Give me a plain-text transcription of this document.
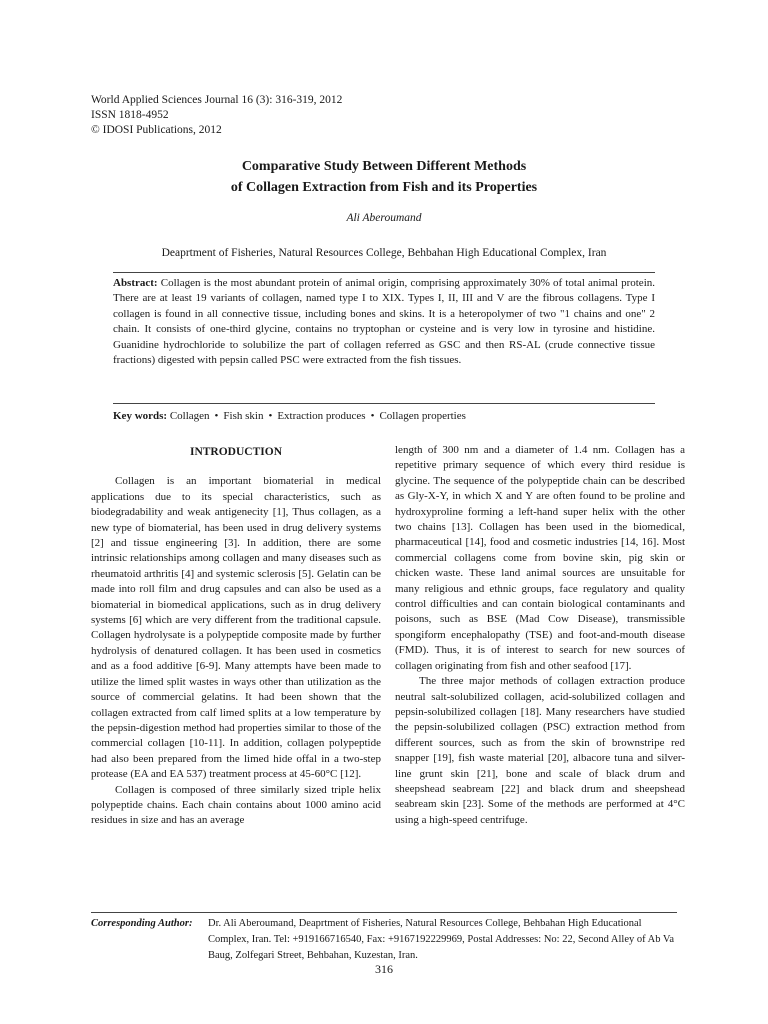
World Applied Sciences Journal 16 (3): 316-319, 2012
ISSN 1818-4952
© IDOSI Publications, 2012
Comparative Study Between Different Methods
of Collagen Extraction from Fish and its Properties
Ali Aberoumand
Deaprtment of Fisheries, Natural Resources College, Behbahan High Educational Complex, Iran
Abstract: Collagen is the most abundant protein of animal origin, comprising approximately 30% of total animal protein. There are at least 19 variants of collagen, named type I to XIX. Types I, II, III and V are the fibrous collagens. Type I collagen is found in all connective tissue, including bones and skins. It is a heteropolymer of two "1 chains and one" 2 chain. It consists of one-third glycine, contains no tryptophan or cysteine and is very low in tyrosine and histidine. Guanidine hydrochloride to solubilize the part of collagen referred as GSC and then RS-AL (crude connective tissue fractions) digested with pepsin called PSC were extracted from the fish tissues.
Key words: Collagen • Fish skin • Extraction produces • Collagen properties
INTRODUCTION

Collagen is an important biomaterial in medical applications due to its special characteristics, such as biodegradability and weak antigenecity [1], Thus collagen, as a new type of biomaterial, has been used in drug delivery systems [2] and tissue engineering [3]. In addition, there are some intrinsic relationships among collagen and many diseases such as rheumatoid arthritis [4] and systemic sclerosis [5]. Gelatin can be made into roll film and drug capsules and can also be used as a biomaterial in biomedical applications, such as in drug delivery systems [6] which are very different from the traditional capsule. Collagen hydrolysate is a polypeptide composite made by further hydrolysis of denatured collagen. It has been used in cosmetics and as a food additive [6-9]. Many attempts have been made to utilize the limed split wastes in ways other than utilization as the source of commercial gelatins. It had been shown that the collagen extracted from calf limed splits at a low temperature by the pepsin-digestion method had properties similar to those of the commercial collagen [10-11]. In addition, collagen polypeptide had also been prepared from the limed hide offal in a two-step protease (EA and EA 537) treatment process at 45-60°C [12].

Collagen is composed of three similarly sized triple helix polypeptide chains. Each chain contains about 1000 amino acid residues in size and has an average

length of 300 nm and a diameter of 1.4 nm. Collagen has a repetitive primary sequence of which every third residue is glycine. The sequence of the polypeptide chain can be described as Gly-X-Y, in which X and Y are often found to be proline and hydroxyproline forming a left-hand super helix with the other two chains [13]. Collagen has been used in the biomedical, pharmaceutical [14], food and cosmetic industries [14, 16]. Most commercial collagens come from bovine skin, pig skin or chicken waste. These land animal sources are unsuitable for many religious and ethnic groups, face regulatory and quality control difficulties and can contain biological contaminants and poisons, such as BSE (Mad Cow Disease), transmissible spongiform encephalopathy (TSE) and foot-and-mouth disease (FMD). Thus, it is of interest to search for new sources of collagen originating from fish and other seafood [17].

The three major methods of collagen extraction produce neutral salt-solubilized collagen, acid-solubilized collagen and pepsin-solubilized collagen [18]. Many researchers have studied the pepsin-solubilized collagen (PSC) extraction method from different sources, such as from the skin of brownstripe red snapper [19], fish waste material [20], albacore tuna and silver-line grunt skin [21], bone and scale of black drum and sheepshead seabream [22] and black drum and sheepshead seabream skin [23]. Some of the methods are performed at 4°C using a high-speed centrifuge.

Corresponding Author: Dr. Ali Aberoumand, Deaprtment of Fisheries, Natural Resources College, Behbahan High Educational Complex, Iran. Tel: +919166716540, Fax: +9167192229969, Postal Addresses: No: 22, Second Alley of Ab Va Baug, Zolfegari Street, Behbahan, Kuzestan, Iran.
316
